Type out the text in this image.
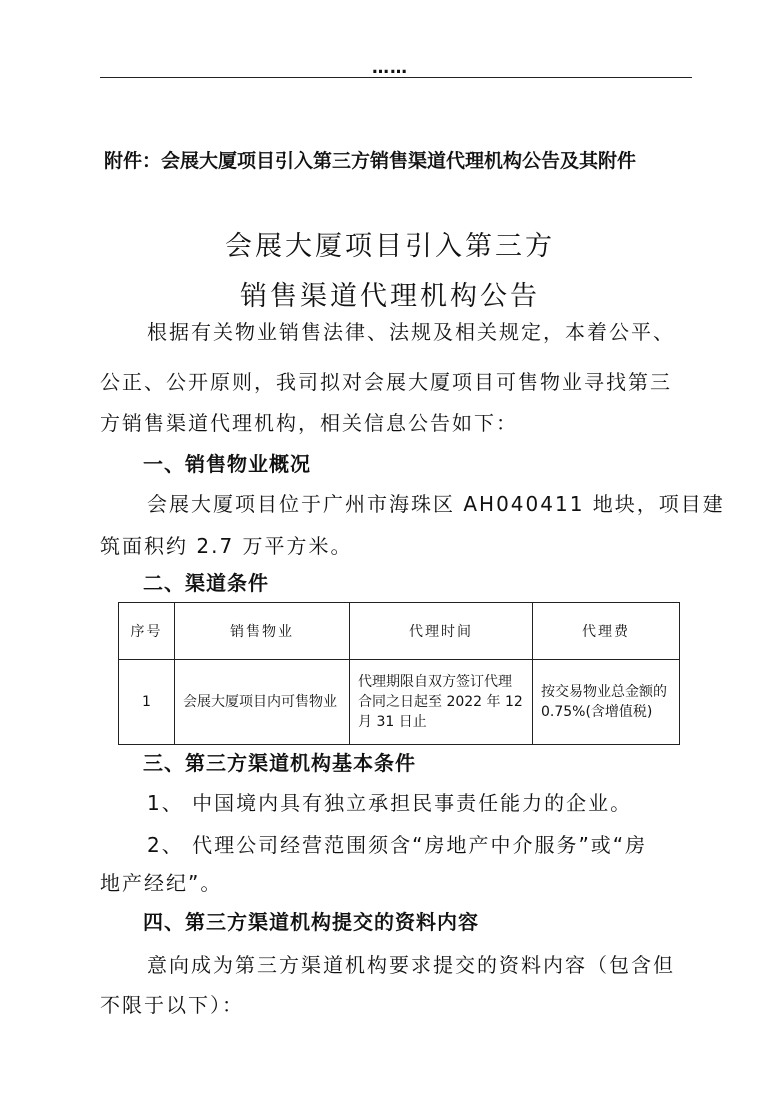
……
附件：会展大厦项目引入第三方销售渠道代理机构公告及其附件
会展大厦项目引入第三方
销售渠道代理机构公告
根据有关物业销售法律、法规及相关规定，本着公平、
公正、公开原则，我司拟对会展大厦项目可售物业寻找第三
方销售渠道代理机构，相关信息公告如下：
一、销售物业概况
会展大厦项目位于广州市海珠区 AH040411 地块，项目建
筑面积约 2.7 万平方米。
二、渠道条件
序号	销售物业	代理时间	代理费
1	会展大厦项目内可售物业	代理期限自双方签订代理合同之日起至 2022 年 12 月 31 日止	按交易物业总金额的 0.75%(含增值税)
三、第三方渠道机构基本条件
1、 中国境内具有独立承担民事责任能力的企业。
2、 代理公司经营范围须含“房地产中介服务”或“房
地产经纪”。
四、第三方渠道机构提交的资料内容
意向成为第三方渠道机构要求提交的资料内容（包含但
不限于以下）：
